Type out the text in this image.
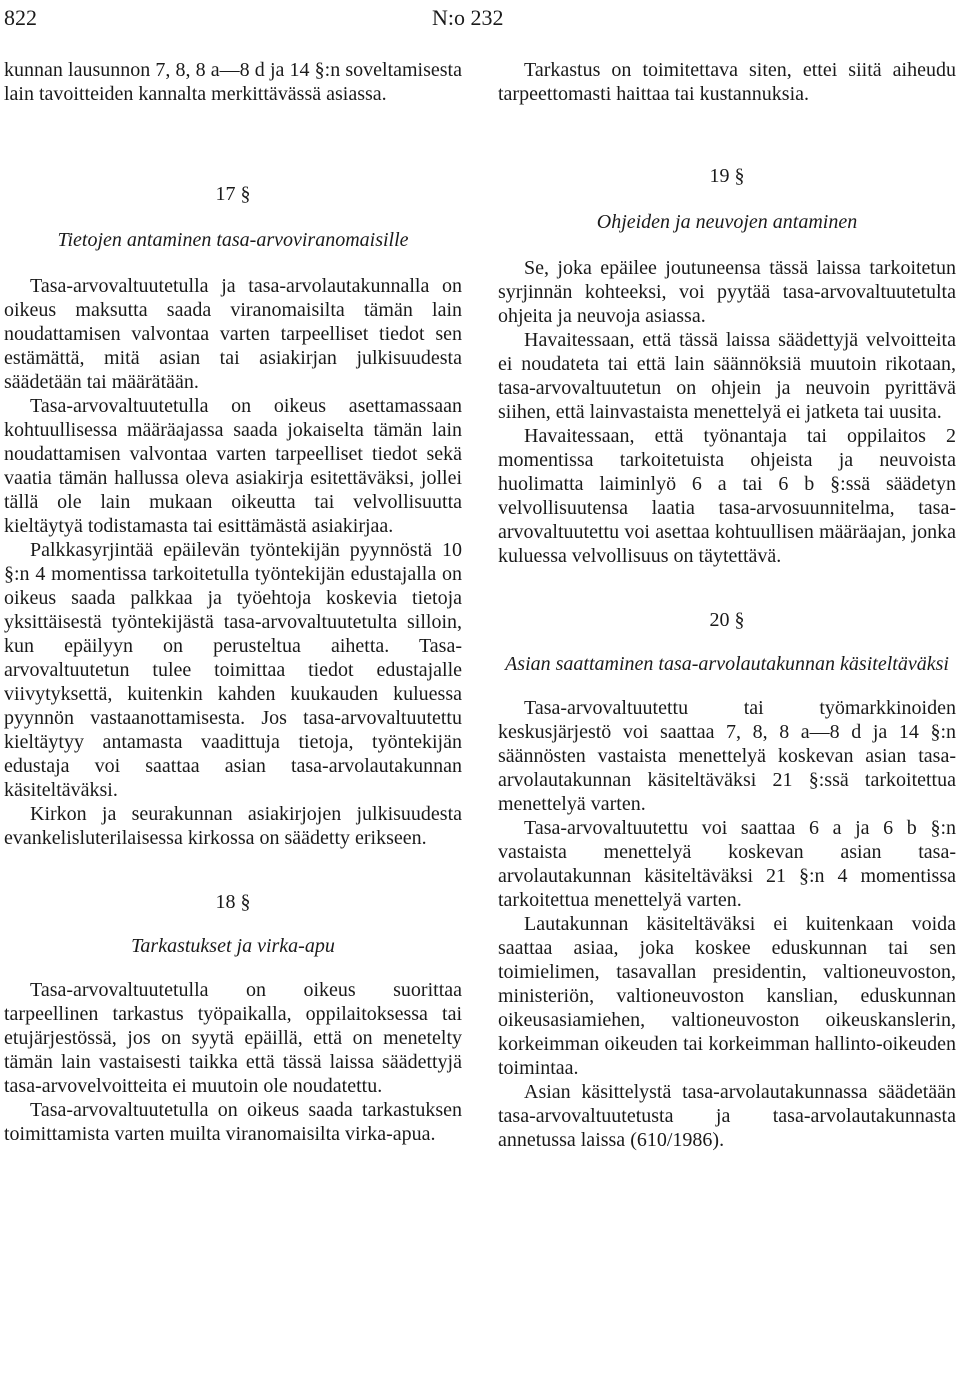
822	N:o 232

kunnan lausunnon 7, 8, 8 a—8 d ja 14 §:n soveltamisesta lain tavoitteiden kannalta merkittävässä asiassa.

17 §

Tietojen antaminen tasa-arvoviranomaisille

Tasa-arvovaltuutetulla ja tasa-arvolautakunnalla on oikeus maksutta saada viranomaisilta tämän lain noudattamisen valvontaa varten tarpeelliset tiedot sen estämättä, mitä asian tai asiakirjan julkisuudesta säädetään tai määrätään.

Tasa-arvovaltuutetulla on oikeus asettamassaan kohtuullisessa määräajassa saada jokaiselta tämän lain noudattamisen valvontaa varten tarpeelliset tiedot sekä vaatia tämän hallussa oleva asiakirja esitettäväksi, jollei tällä ole lain mukaan oikeutta tai velvollisuutta kieltäytyä todistamasta tai esittämästä asiakirjaa.

Palkkasyrjintää epäilevän työntekijän pyynnöstä 10 §:n 4 momentissa tarkoitetulla työntekijän edustajalla on oikeus saada palkkaa ja työehtoja koskevia tietoja yksittäisestä työntekijästä tasa-arvovaltuutetulta silloin, kun epäilyyn on perusteltua aihetta. Tasa-arvovaltuutetun tulee toimittaa tiedot edustajalle viivytyksettä, kuitenkin kahden kuukauden kuluessa pyynnön vastaanottamisesta. Jos tasa-arvovaltuutettu kieltäytyy antamasta vaadittuja tietoja, työntekijän edustaja voi saattaa asian tasa-arvolautakunnan käsiteltäväksi.

Kirkon ja seurakunnan asiakirjojen julkisuudesta evankelisluterilaisessa kirkossa on säädetty erikseen.

18 §

Tarkastukset ja virka-apu

Tasa-arvovaltuutetulla on oikeus suorittaa tarpeellinen tarkastus työpaikalla, oppilaitoksessa tai etujärjestössä, jos on syytä epäillä, että on menetelty tämän lain vastaisesti taikka että tässä laissa säädettyjä tasa-arvovelvoitteita ei muutoin ole noudatettu.

Tasa-arvovaltuutetulla on oikeus saada tarkastuksen toimittamista varten muilta viranomaisilta virka-apua.

Tarkastus on toimitettava siten, ettei siitä aiheudu tarpeettomasti haittaa tai kustannuksia.

19 §

Ohjeiden ja neuvojen antaminen

Se, joka epäilee joutuneensa tässä laissa tarkoitetun syrjinnän kohteeksi, voi pyytää tasa-arvovaltuutetulta ohjeita ja neuvoja asiassa.

Havaitessaan, että tässä laissa säädettyjä velvoitteita ei noudateta tai että lain säännöksiä muutoin rikotaan, tasa-arvovaltuutetun on ohjein ja neuvoin pyrittävä siihen, että lainvastaista menettelyä ei jatketa tai uusita.

Havaitessaan, että työnantaja tai oppilaitos 2 momentissa tarkoitetuista ohjeista ja neuvoista huolimatta laiminlyö 6 a tai 6 b §:ssä säädetyn velvollisuutensa laatia tasa-arvosuunnitelma, tasa-arvovaltuutettu voi asettaa kohtuullisen määräajan, jonka kuluessa velvollisuus on täytettävä.

20 §

Asian saattaminen tasa-arvolautakunnan käsiteltäväksi

Tasa-arvovaltuutettu tai työmarkkinoiden keskusjärjestö voi saattaa 7, 8, 8 a—8 d ja 14 §:n säännösten vastaista menettelyä koskevan asian tasa-arvolautakunnan käsiteltäväksi 21 §:ssä tarkoitettua menettelyä varten.

Tasa-arvovaltuutettu voi saattaa 6 a ja 6 b §:n vastaista menettelyä koskevan asian tasa-arvolautakunnan käsiteltäväksi 21 §:n 4 momentissa tarkoitettua menettelyä varten.

Lautakunnan käsiteltäväksi ei kuitenkaan voida saattaa asiaa, joka koskee eduskunnan tai sen toimielimen, tasavallan presidentin, valtioneuvoston, ministeriön, valtioneuvoston kanslian, eduskunnan oikeusasiamiehen, valtioneuvoston oikeuskanslerin, korkeimman oikeuden tai korkeimman hallinto-oikeuden toimintaa.

Asian käsittelystä tasa-arvolautakunnassa säädetään tasa-arvovaltuutetusta ja tasa-arvolautakunnasta annetussa laissa (610/1986).
